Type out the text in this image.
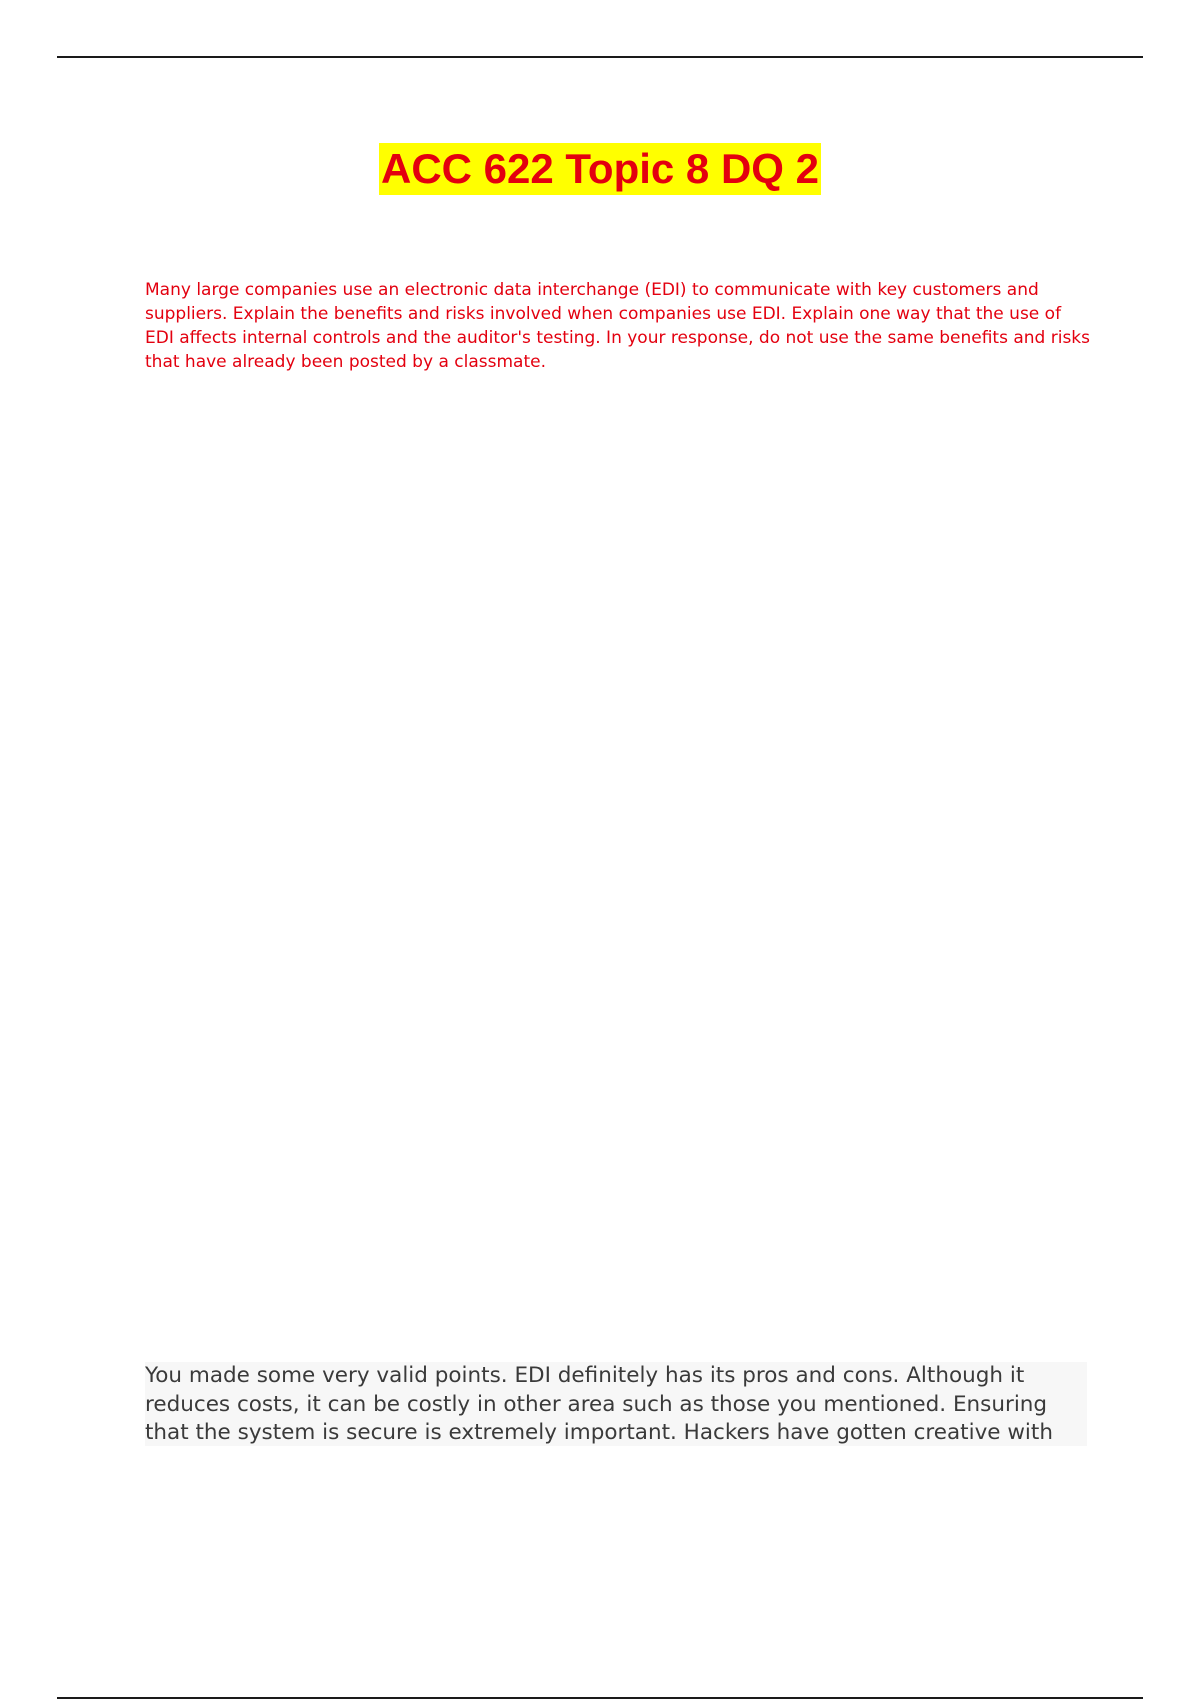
ACC 622 Topic 8 DQ 2

Many large companies use an electronic data interchange (EDI) to communicate with key customers and suppliers. Explain the benefits and risks involved when companies use EDI. Explain one way that the use of EDI affects internal controls and the auditor's testing. In your response, do not use the same benefits and risks that have already been posted by a classmate.

You made some very valid points. EDI definitely has its pros and cons. Although it
reduces costs, it can be costly in other area such as those you mentioned. Ensuring
that the system is secure is extremely important. Hackers have gotten creative with
